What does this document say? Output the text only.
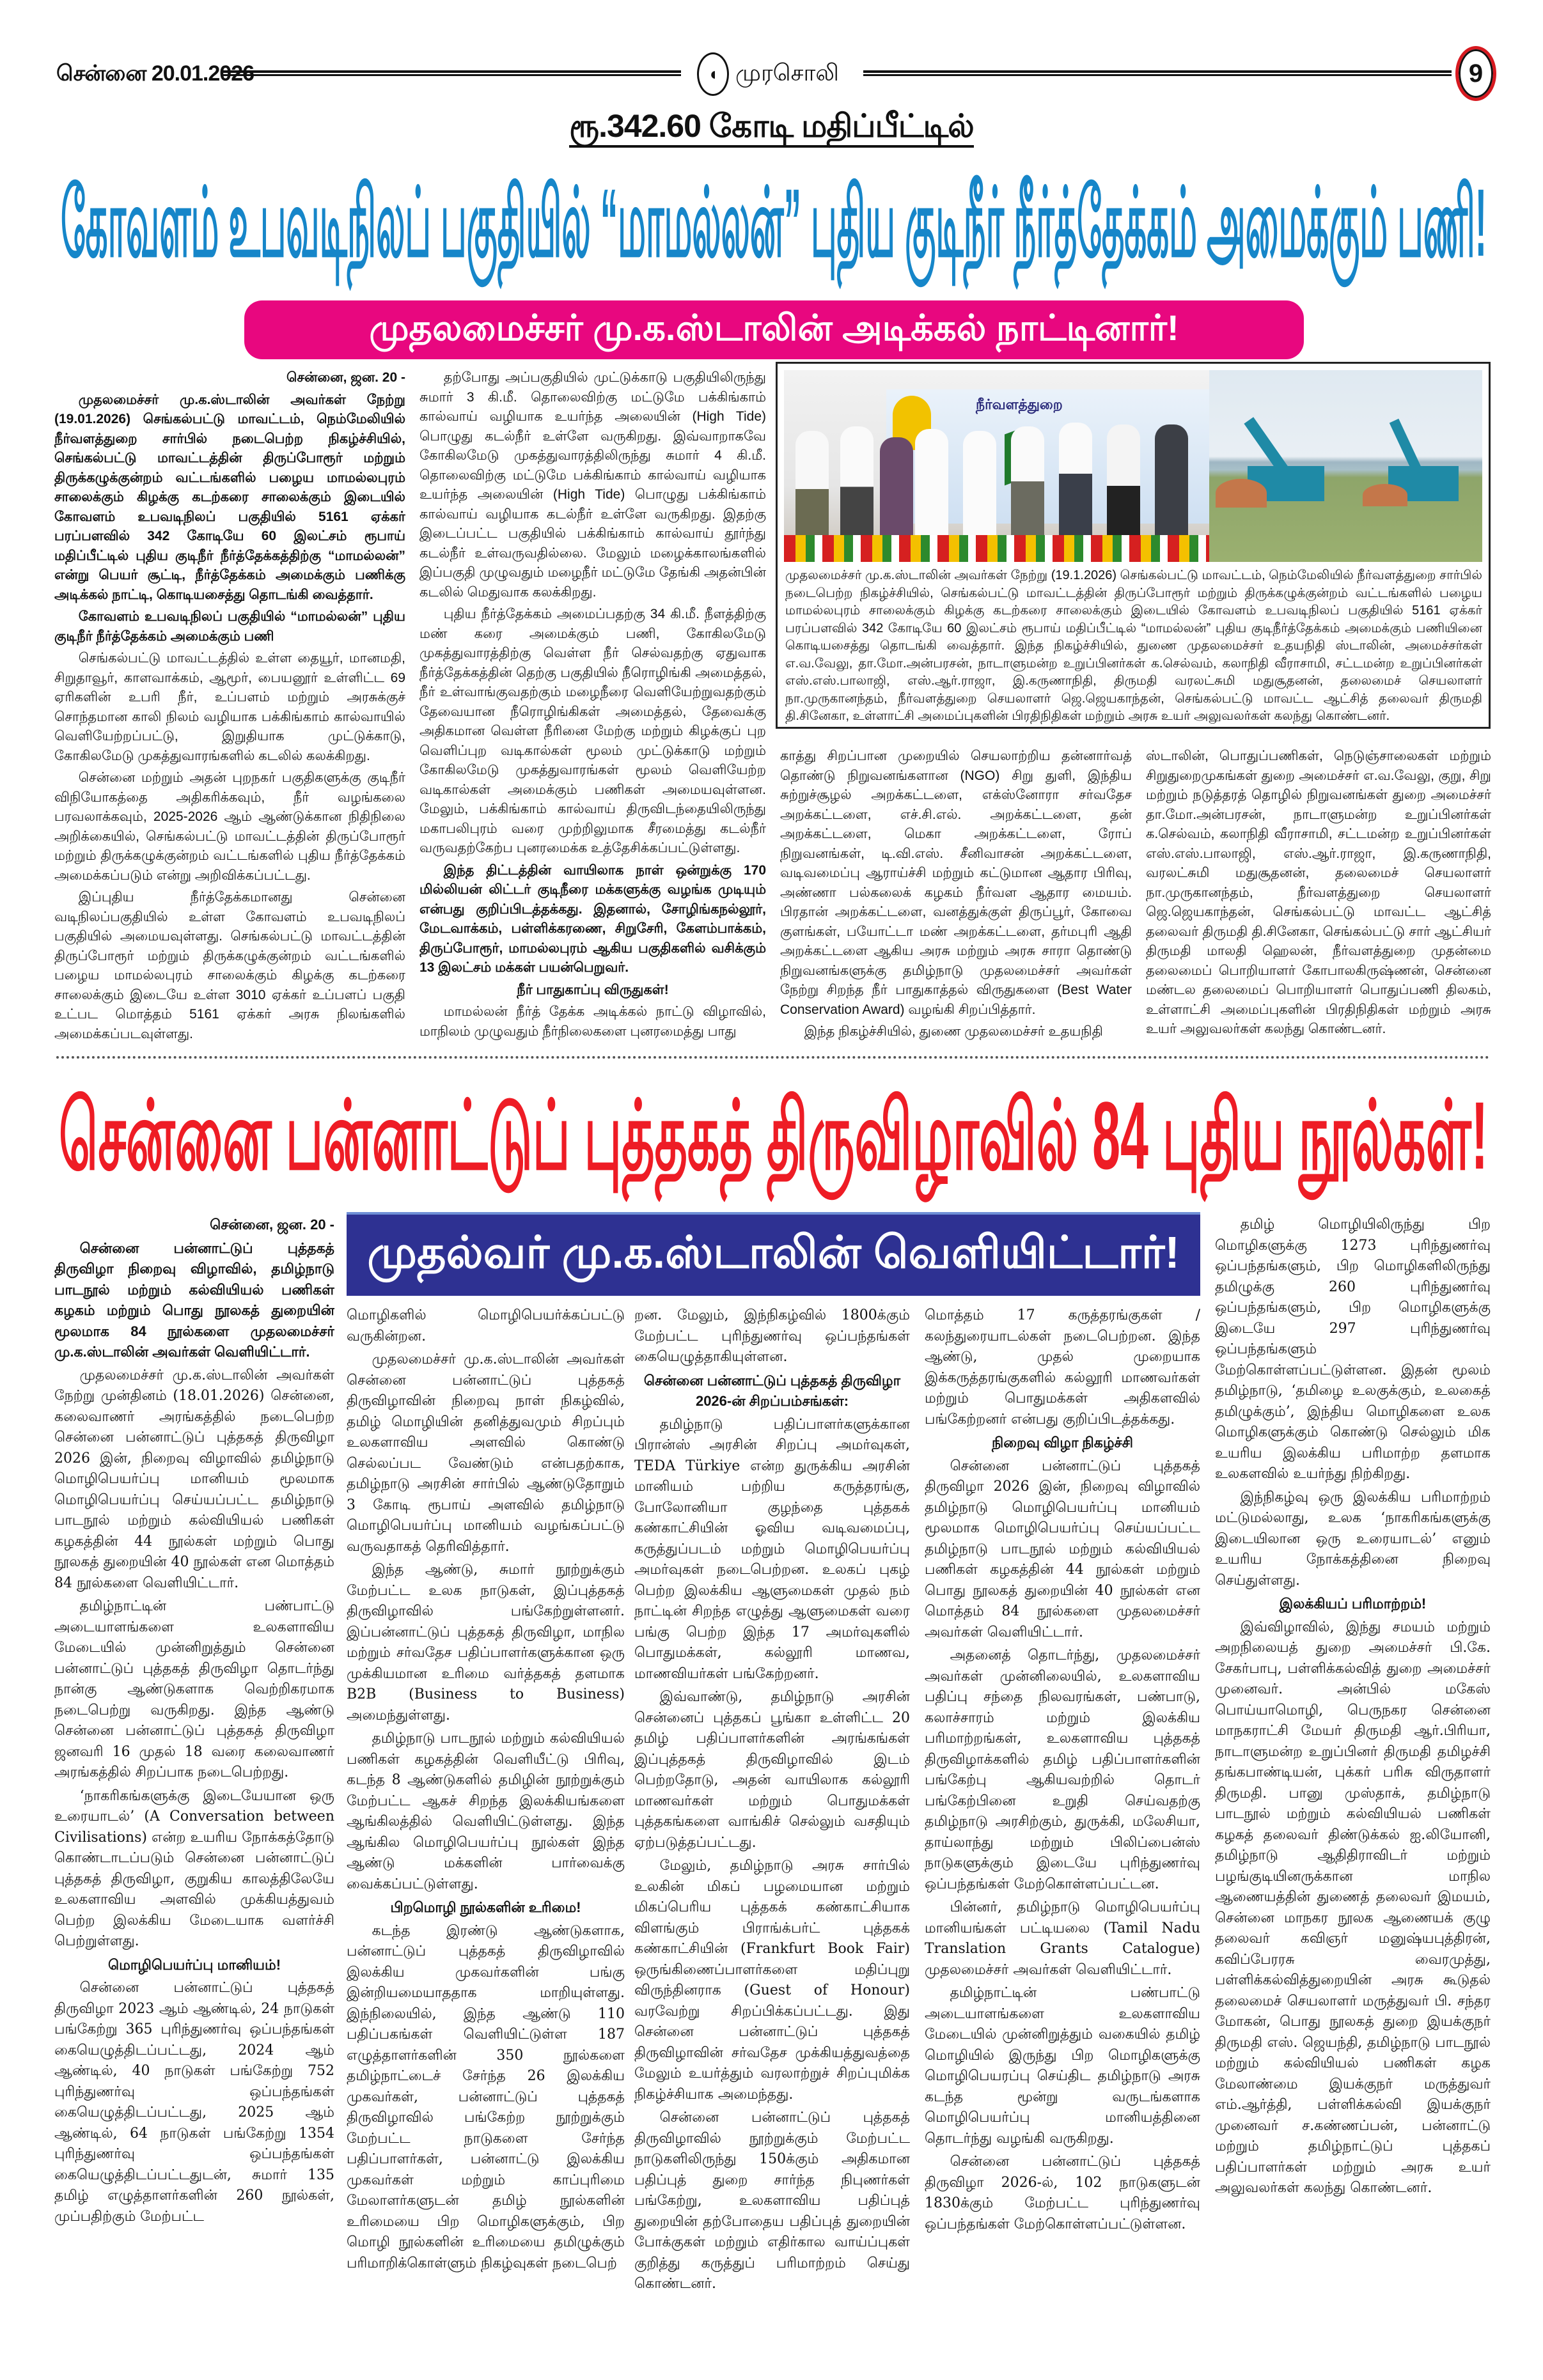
சென்னை 20.01.2026	◖ முரசொலி	9
ரூ.342.60 கோடி மதிப்பீட்டில்
கோவளம் உபவடிநிலப் பகுதியில் “மாமல்லன்” புதிய குடிநீர் நீர்த்தேக்கம் அமைக்கும் பணி!
முதலமைச்சர் மு.க.ஸ்டாலின் அடிக்கல் நாட்டினார்!

சென்னை, ஜன. 20 -

முதலமைச்சர் மு.க.ஸ்டாலின் அவர்கள் நேற்று (19.01.2026) செங்கல்பட்டு மாவட்டம், நெம்மேலியில் நீர்வளத்துறை சார்பில் நடைபெற்ற நிகழ்ச்சியில், செங்கல்பட்டு மாவட்டத்தின் திருப்போரூர் மற்றும் திருக்கழுக்குன்றம் வட்டங்களில் பழைய மாமல்லபுரம் சாலைக்கும் கிழக்கு கடற்கரை சாலைக்கும் இடையில் கோவளம் உபவடிநிலப் பகுதியில் 5161 ஏக்கர் பரப்பளவில் 342 கோடியே 60 இலட்சம் ரூபாய் மதிப்பீட்டில் புதிய குடிநீர் நீர்த்தேக்கத்திற்கு “மாமல்லன்” என்று பெயர் சூட்டி, நீர்த்தேக்கம் அமைக்கும் பணிக்கு அடிக்கல் நாட்டி, கொடியசைத்து தொடங்கி வைத்தார்.

கோவளம் உபவடிநிலப் பகுதியில் “மாமல்லன்” புதிய குடிநீர் நீர்த்தேக்கம் அமைக்கும் பணி

செங்கல்பட்டு மாவட்டத்தில் உள்ள தையூர், மானமதி, சிறுதாவூர், காளவாக்கம், ஆமூர், பையனூர் உள்ளிட்ட 69 ஏரிகளின் உபரி நீர், உப்பளம் மற்றும் அரசுக்குச் சொந்தமான காலி நிலம் வழியாக பக்கிங்காம் கால்வாயில் வெளியேற்றப்பட்டு, இறுதியாக முட்டுக்காடு, கோகிலமேடு முகத்துவாரங்களில் கடலில் கலக்கிறது.

சென்னை மற்றும் அதன் புறநகர் பகுதிகளுக்கு குடிநீர் விநியோகத்தை அதிகரிக்கவும், நீர் வழங்கலை பரவலாக்கவும், 2025-2026 ஆம் ஆண்டுக்கான நிதிநிலை அறிக்கையில், செங்கல்பட்டு மாவட்டத்தின் திருப்போரூர் மற்றும் திருக்கழுக்குன்றம் வட்டங்களில் புதிய நீர்த்தேக்கம் அமைக்கப்படும் என்று அறிவிக்கப்பட்டது.

இப்புதிய நீர்த்தேக்கமானது சென்னை வடிநிலப்பகுதியில் உள்ள கோவளம் உபவடிநிலப் பகுதியில் அமையவுள்ளது. செங்கல்பட்டு மாவட்டத்தின் திருப்போரூர் மற்றும் திருக்கழுக்குன்றம் வட்டங்களில் பழைய மாமல்லபுரம் சாலைக்கும் கிழக்கு கடற்கரை சாலைக்கும் இடையே உள்ள 3010 ஏக்கர் உப்பளப் பகுதி உட்பட மொத்தம் 5161 ஏக்கர் அரசு நிலங்களில் அமைக்கப்படவுள்ளது.

தற்போது அப்பகுதியில் முட்டுக்காடு பகுதியிலிருந்து சுமார் 3 கி.மீ. தொலைவிற்கு மட்டுமே பக்கிங்காம் கால்வாய் வழியாக உயர்ந்த அலையின் (High Tide) பொழுது கடல்நீர் உள்ளே வருகிறது. இவ்வாறாகவே கோகிலமேடு முகத்துவாரத்திலிருந்து சுமார் 4 கி.மீ. தொலைவிற்கு மட்டுமே பக்கிங்காம் கால்வாய் வழியாக உயர்ந்த அலையின் (High Tide) பொழுது பக்கிங்காம் கால்வாய் வழியாக கடல்நீர் உள்ளே வருகிறது. இதற்கு இடைப்பட்ட பகுதியில் பக்கிங்காம் கால்வாய் தூர்ந்து கடல்நீர் உள்வருவதில்லை. மேலும் மழைக்காலங்களில் இப்பகுதி முழுவதும் மழைநீர் மட்டுமே தேங்கி அதன்பின் கடலில் மெதுவாக கலக்கிறது.

புதிய நீர்த்தேக்கம் அமைப்பதற்கு 34 கி.மீ. நீளத்திற்கு மண் கரை அமைக்கும் பணி, கோகிலமேடு முகத்துவாரத்திற்கு வெள்ள நீர் செல்வதற்கு ஏதுவாக நீர்த்தேக்கத்தின் தெற்கு பகுதியில் நீரொழிங்கி அமைத்தல், நீர் உள்வாங்குவதற்கும் மழைநீரை வெளியேற்றுவதற்கும் தேவையான நீரொழிங்கிகள் அமைத்தல், தேவைக்கு அதிகமான வெள்ள நீரினை மேற்கு மற்றும் கிழக்குப் புற வெளிப்புற வடிகால்கள் மூலம் முட்டுக்காடு மற்றும் கோகிலமேடு முகத்துவாரங்கள் மூலம் வெளியேற்ற வடிகால்கள் அமைக்கும் பணிகள் அமையவுள்ளன. மேலும், பக்கிங்காம் கால்வாய் திருவிடந்தையிலிருந்து மகாபலிபுரம் வரை முற்றிலுமாக சீரமைத்து கடல்நீர் வருவதற்கேற்ப புனரமைக்க உத்தேசிக்கப்பட்டுள்ளது.

இந்த திட்டத்தின் வாயிலாக நாள் ஒன்றுக்கு 170 மில்லியன் லிட்டர் குடிநீரை மக்களுக்கு வழங்க முடியும் என்பது குறிப்பிடத்தக்கது. இதனால், சோழிங்கநல்லூர், மேடவாக்கம், பள்ளிக்கரணை, சிறுசேரி, கேளம்பாக்கம், திருப்போரூர், மாமல்லபுரம் ஆகிய பகுதிகளில் வசிக்கும் 13 இலட்சம் மக்கள் பயன்பெறுவர்.

நீர் பாதுகாப்பு விருதுகள்!

மாமல்லன் நீர்த் தேக்க அடிக்கல் நாட்டு விழாவில், மாநிலம் முழுவதும் நீர்நிலைகளை புனரமைத்து பாது

காத்து சிறப்பான முறையில் செயலாற்றிய தன்னார்வத் தொண்டு நிறுவனங்களான (NGO) சிறு துளி, இந்திய சுற்றுச்சூழல் அறக்கட்டளை, எக்ஸ்னோரா சர்வதேச அறக்கட்டளை, எச்.சி.எல். அறக்கட்டளை, தன் அறக்கட்டளை, மெகா அறக்கட்டளை, ரோப் நிறுவனங்கள், டி.வி.எஸ். சீனிவாசன் அறக்கட்டளை, வடிவமைப்பு ஆராய்ச்சி மற்றும் கட்டுமான ஆதார பிரிவு, அண்ணா பல்கலைக் கழகம் நீர்வள ஆதார மையம். பிரதான் அறக்கட்டளை, வனத்துக்குள் திருப்பூர், கோவை குளங்கள், பயோட்டா மண் அறக்கட்டளை, தர்மபுரி ஆதி அறக்கட்டளை ஆகிய அரசு மற்றும் அரசு சாரா தொண்டு நிறுவனங்களுக்கு தமிழ்நாடு முதலமைச்சர் அவர்கள் நேற்று சிறந்த நீர் பாதுகாத்தல் விருதுகளை (Best Water Conservation Award) வழங்கி சிறப்பித்தார்.

இந்த நிகழ்ச்சியில், துணை முதலமைச்சர் உதயநிதி

ஸ்டாலின், பொதுப்பணிகள், நெடுஞ்சாலைகள் மற்றும் சிறுதுறைமுகங்கள் துறை அமைச்சர் எ.வ.வேலு, குறு, சிறு மற்றும் நடுத்தரத் தொழில் நிறுவனங்கள் துறை அமைச்சர் தா.மோ.அன்பரசன், நாடாளுமன்ற உறுப்பினர்கள் க.செல்வம், கலாநிதி வீராசாமி, சட்டமன்ற உறுப்பினர்கள் எஸ்.எஸ்.பாலாஜி, எஸ்.ஆர்.ராஜா, இ.கருணாநிதி, வரலட்சுமி மதுசூதனன், தலைமைச் செயலாளர் நா.முருகானந்தம், நீர்வளத்துறை செயலாளர் ஜெ.ஜெயகாந்தன், செங்கல்பட்டு மாவட்ட ஆட்சித் தலைவர் திருமதி தி.சினேகா, செங்கல்பட்டு சார் ஆட்சியர் திருமதி மாலதி ஹெலன், நீர்வளத்துறை முதன்மை தலைமைப் பொறியாளர் கோபாலகிருஷ்ணன், சென்னை மண்டல தலைமைப் பொறியாளர் பொதுப்பணி திலகம், உள்ளாட்சி அமைப்புகளின் பிரதிநிதிகள் மற்றும் அரசு உயர் அலுவலர்கள் கலந்து கொண்டனர்.

நீர்வளத்துறை
முதலமைச்சர் மு.க.ஸ்டாலின் அவர்கள் நேற்று (19.1.2026) செங்கல்பட்டு மாவட்டம், நெம்மேலியில் நீர்வளத்துறை சார்பில் நடைபெற்ற நிகழ்ச்சியில், செங்கல்பட்டு மாவட்டத்தின் திருப்போரூர் மற்றும் திருக்கழுக்குன்றம் வட்டங்களில் பழைய மாமல்லபுரம் சாலைக்கும் கிழக்கு கடற்கரை சாலைக்கும் இடையில் கோவளம் உபவடிநிலப் பகுதியில் 5161 ஏக்கர் பரப்பளவில் 342 கோடியே 60 இலட்சம் ரூபாய் மதிப்பீட்டில் “மாமல்லன்” புதிய குடிநீர்த்தேக்கம் அமைக்கும் பணியினை கொடியசைத்து தொடங்கி வைத்தார். இந்த நிகழ்ச்சியில், துணை முதலமைச்சர் உதயநிதி ஸ்டாலின், அமைச்சர்கள் எ.வ.வேலு, தா.மோ.அன்பரசன், நாடாளுமன்ற உறுப்பினர்கள் க.செல்வம், கலாநிதி வீராசாமி, சட்டமன்ற உறுப்பினர்கள் எஸ்.எஸ்.பாலாஜி, எஸ்.ஆர்.ராஜா, இ.கருணாநிதி, திருமதி வரலட்சுமி மதுசூதனன், தலைமைச் செயலாளர் நா.முருகானந்தம், நீர்வளத்துறை செயலாளர் ஜெ.ஜெயகாந்தன், செங்கல்பட்டு மாவட்ட ஆட்சித் தலைவர் திருமதி தி.சினேகா, உள்ளாட்சி அமைப்புகளின் பிரதிநிதிகள் மற்றும் அரசு உயர் அலுவலர்கள் கலந்து கொண்டனர்.
சென்னை பன்னாட்டுப் புத்தகத் திருவிழாவில் 84 புதிய நூல்கள்!
முதல்வர் மு.க.ஸ்டாலின் வெளியிட்டார்!

சென்னை, ஜன. 20 -

சென்னை பன்னாட்டுப் புத்தகத் திருவிழா நிறைவு விழாவில், தமிழ்நாடு பாடநூல் மற்றும் கல்வியியல் பணிகள் கழகம் மற்றும் பொது நூலகத் துறையின் மூலமாக 84 நூல்களை முதலமைச்சர் மு.க.ஸ்டாலின் அவர்கள் வெளியிட்டார்.

முதலமைச்சர் மு.க.ஸ்டாலின் அவர்கள் நேற்று முன்தினம் (18.01.2026) சென்னை, கலைவாணர் அரங்கத்தில் நடைபெற்ற சென்னை பன்னாட்டுப் புத்தகத் திருவிழா 2026 இன், நிறைவு விழாவில் தமிழ்நாடு மொழிபெயர்ப்பு மானியம் மூலமாக மொழிபெயர்ப்பு செய்யப்பட்ட தமிழ்நாடு பாடநூல் மற்றும் கல்வியியல் பணிகள் கழகத்தின் 44 நூல்கள் மற்றும் பொது நூலகத் துறையின் 40 நூல்கள் என மொத்தம் 84 நூல்களை வெளியிட்டார்.

தமிழ்நாட்டின் பண்பாட்டு அடையாளங்களை உலகளாவிய மேடையில் முன்னிறுத்தும் சென்னை பன்னாட்டுப் புத்தகத் திருவிழா தொடர்ந்து நான்கு ஆண்டுகளாக வெற்றிகரமாக நடைபெற்று வருகிறது. இந்த ஆண்டு சென்னை பன்னாட்டுப் புத்தகத் திருவிழா ஜனவரி 16 முதல் 18 வரை கலைவாணர் அரங்கத்தில் சிறப்பாக நடைபெற்றது.

‘நாகரிகங்களுக்கு இடையேயான ஒரு உரையாடல்’ (A Conversation between Civilisations) என்ற உயரிய நோக்கத்தோடு கொண்டாடப்படும் சென்னை பன்னாட்டுப் புத்தகத் திருவிழா, குறுகிய காலத்திலேயே உலகளாவிய அளவில் முக்கியத்துவம் பெற்ற இலக்கிய மேடையாக வளர்ச்சி பெற்றுள்ளது.

மொழிபெயர்ப்பு மானியம்!

சென்னை பன்னாட்டுப் புத்தகத் திருவிழா 2023 ஆம் ஆண்டில், 24 நாடுகள் பங்கேற்று 365 புரிந்துணர்வு ஒப்பந்தங்கள் கையெழுத்திடப்பட்டது, 2024 ஆம் ஆண்டில், 40 நாடுகள் பங்கேற்று 752 புரிந்துணர்வு ஒப்பந்தங்கள் கையெழுத்திடப்பட்டது, 2025 ஆம் ஆண்டில், 64 நாடுகள் பங்கேற்று 1354 புரிந்துணர்வு ஒப்பந்தங்கள் கையெழுத்திடப்பட்டதுடன், சுமார் 135 தமிழ் எழுத்தாளர்களின் 260 நூல்கள், முப்பதிற்கும் மேற்பட்ட

மொழிகளில் மொழிபெயர்க்கப்பட்டு வருகின்றன.

முதலமைச்சர் மு.க.ஸ்டாலின் அவர்கள் சென்னை பன்னாட்டுப் புத்தகத் திருவிழாவின் நிறைவு நாள் நிகழ்வில், தமிழ் மொழியின் தனித்துவமும் சிறப்பும் உலகளாவிய அளவில் கொண்டு செல்லப்பட வேண்டும் என்பதற்காக, தமிழ்நாடு அரசின் சார்பில் ஆண்டுதோறும் 3 கோடி ரூபாய் அளவில் தமிழ்நாடு மொழிபெயர்ப்பு மானியம் வழங்கப்பட்டு வருவதாகத் தெரிவித்தார்.

இந்த ஆண்டு, சுமார் நூற்றுக்கும் மேற்பட்ட உலக நாடுகள், இப்புத்தகத் திருவிழாவில் பங்கேற்றுள்ளனர். இப்பன்னாட்டுப் புத்தகத் திருவிழா, மாநில மற்றும் சர்வதேச பதிப்பாளர்களுக்கான ஒரு முக்கியமான உரிமை வர்த்தகத் தளமாக B2B (Business to Business) அமைந்துள்ளது.

தமிழ்நாடு பாடநூல் மற்றும் கல்வியியல் பணிகள் கழகத்தின் வெளியீட்டு பிரிவு, கடந்த 8 ஆண்டுகளில் தமிழின் நூற்றுக்கும் மேற்பட்ட ஆகச் சிறந்த இலக்கியங்களை ஆங்கிலத்தில் வெளியிட்டுள்ளது. இந்த ஆங்கில மொழிபெயர்ப்பு நூல்கள் இந்த ஆண்டு மக்களின் பார்வைக்கு வைக்கப்பட்டுள்ளது.

பிறமொழி நூல்களின் உரிமை!

கடந்த இரண்டு ஆண்டுகளாக, பன்னாட்டுப் புத்தகத் திருவிழாவில் இலக்கிய முகவர்களின் பங்கு இன்றியமையாததாக மாறியுள்ளது. இந்நிலையில், இந்த ஆண்டு 110 பதிப்பகங்கள் வெளியிட்டுள்ள 187 எழுத்தாளர்களின் 350 நூல்களை தமிழ்நாட்டைச் சேர்ந்த 26 இலக்கிய முகவர்கள், பன்னாட்டுப் புத்தகத் திருவிழாவில் பங்கேற்ற நூற்றுக்கும் மேற்பட்ட நாடுகளை சேர்ந்த பதிப்பாளர்கள், பன்னாட்டு இலக்கிய முகவர்கள் மற்றும் காப்புரிமை மேலாளர்களுடன் தமிழ் நூல்களின் உரிமையை பிற மொழிகளுக்கும், பிற மொழி நூல்களின் உரிமையை தமிழுக்கும் பரிமாறிக்கொள்ளும் நிகழ்வுகள் நடைபெற்

றன. மேலும், இந்நிகழ்வில் 1800க்கும் மேற்பட்ட புரிந்துணர்வு ஒப்பந்தங்கள் கையெழுத்தாகியுள்ளன.

சென்னை பன்னாட்டுப் புத்தகத் திருவிழா 2026-ன் சிறப்பம்சங்கள்:

தமிழ்நாடு பதிப்பாளர்களுக்கான பிரான்ஸ் அரசின் சிறப்பு அமர்வுகள், TEDA Türkiye என்ற துருக்கிய அரசின் மானியம் பற்றிய கருத்தரங்கு, போலோனியா குழந்தை புத்தகக் கண்காட்சியின் ஓவிய வடிவமைப்பு, கருத்துப்படம் மற்றும் மொழிபெயர்ப்பு அமர்வுகள் நடைபெற்றன. உலகப் புகழ் பெற்ற இலக்கிய ஆளுமைகள் முதல் நம் நாட்டின் சிறந்த எழுத்து ஆளுமைகள் வரை பங்கு பெற்ற இந்த 17 அமர்வுகளில் பொதுமக்கள், கல்லூரி மாணவ, மாணவியர்கள் பங்கேற்றனர்.

இவ்வாண்டு, தமிழ்நாடு அரசின் சென்னைப் புத்தகப் பூங்கா உள்ளிட்ட 20 தமிழ் பதிப்பாளர்களின் அரங்கங்கள் இப்புத்தகத் திருவிழாவில் இடம் பெற்றதோடு, அதன் வாயிலாக கல்லூரி மாணவர்கள் மற்றும் பொதுமக்கள் புத்தகங்களை வாங்கிச் செல்லும் வசதியும் ஏற்படுத்தப்பட்டது.

மேலும், தமிழ்நாடு அரசு சார்பில் உலகின் மிகப் பழமையான மற்றும் மிகப்பெரிய புத்தகக் கண்காட்சியாக விளங்கும் பிராங்க்பர்ட் புத்தகக் கண்காட்சியின் (Frankfurt Book Fair) ஒருங்கிணைப்பாளர்களை மதிப்புறு விருந்தினராக (Guest of Honour) வரவேற்று சிறப்பிக்கப்பட்டது. இது சென்னை பன்னாட்டுப் புத்தகத் திருவிழாவின் சர்வதேச முக்கியத்துவத்தை மேலும் உயர்த்தும் வரலாற்றுச் சிறப்புமிக்க நிகழ்ச்சியாக அமைந்தது.

சென்னை பன்னாட்டுப் புத்தகத் திருவிழாவில் நூற்றுக்கும் மேற்பட்ட நாடுகளிலிருந்து 150க்கும் அதிகமான பதிப்புத் துறை சார்ந்த நிபுணர்கள் பங்கேற்று, உலகளாவிய பதிப்புத் துறையின் தற்போதைய பதிப்புத் துறையின் போக்குகள் மற்றும் எதிர்கால வாய்ப்புகள் குறித்து கருத்துப் பரிமாற்றம் செய்து கொண்டனர்.

மொத்தம் 17 கருத்தரங்குகள் / கலந்துரையாடல்கள் நடைபெற்றன. இந்த ஆண்டு, முதல் முறையாக இக்கருத்தரங்குகளில் கல்லூரி மாணவர்கள் மற்றும் பொதுமக்கள் அதிகளவில் பங்கேற்றனர் என்பது குறிப்பிடத்தக்கது.

நிறைவு விழா நிகழ்ச்சி

சென்னை பன்னாட்டுப் புத்தகத் திருவிழா 2026 இன், நிறைவு விழாவில் தமிழ்நாடு மொழிபெயர்ப்பு மானியம் மூலமாக மொழிபெயர்ப்பு செய்யப்பட்ட தமிழ்நாடு பாடநூல் மற்றும் கல்வியியல் பணிகள் கழகத்தின் 44 நூல்கள் மற்றும் பொது நூலகத் துறையின் 40 நூல்கள் என மொத்தம் 84 நூல்களை முதலமைச்சர் அவர்கள் வெளியிட்டார்.

அதனைத் தொடர்ந்து, முதலமைச்சர் அவர்கள் முன்னிலையில், உலகளாவிய பதிப்பு சந்தை நிலவரங்கள், பண்பாடு, கலாச்சாரம் மற்றும் இலக்கிய பரிமாற்றங்கள், உலகளாவிய புத்தகத் திருவிழாக்களில் தமிழ் பதிப்பாளர்களின் பங்கேற்பு ஆகியவற்றில் தொடர் பங்கேற்பினை உறுதி செய்வதற்கு தமிழ்நாடு அரசிற்கும், துருக்கி, மலேசியா, தாய்லாந்து மற்றும் பிலிப்பைன்ஸ் நாடுகளுக்கும் இடையே புரிந்துணர்வு ஒப்பந்தங்கள் மேற்கொள்ளப்பட்டன.

பின்னர், தமிழ்நாடு மொழிபெயர்ப்பு மானியங்கள் பட்டியலை (Tamil Nadu Translation Grants Catalogue) முதலமைச்சர் அவர்கள் வெளியிட்டார்.

தமிழ்நாட்டின் பண்பாட்டு அடையாளங்களை உலகளாவிய மேடையில் முன்னிறுத்தும் வகையில் தமிழ் மொழியில் இருந்து பிற மொழிகளுக்கு மொழிபெயரப்பு செய்திட தமிழ்நாடு அரசு கடந்த மூன்று வருடங்களாக மொழிபெயர்ப்பு மானியத்தினை தொடர்ந்து வழங்கி வருகிறது.

சென்னை பன்னாட்டுப் புத்தகத் திருவிழா 2026-ல், 102 நாடுகளுடன் 1830க்கும் மேற்பட்ட புரிந்துணர்வு ஒப்பந்தங்கள் மேற்கொள்ளப்பட்டுள்ளன.

தமிழ் மொழியிலிருந்து பிற மொழிகளுக்கு 1273 புரிந்துணர்வு ஒப்பந்தங்களும், பிற மொழிகளிலிருந்து தமிழுக்கு 260 புரிந்துணர்வு ஒப்பந்தங்களும், பிற மொழிகளுக்கு இடையே 297 புரிந்துணர்வு ஒப்பந்தங்களும் மேற்கொள்ளப்பட்டுள்ளன. இதன் மூலம் தமிழ்நாடு, ‘தமிழை உலகுக்கும், உலகைத் தமிழுக்கும்’, இந்திய மொழிகளை உலக மொழிகளுக்கும் கொண்டு செல்லும் மிக உயரிய இலக்கிய பரிமாற்ற தளமாக உலகளவில் உயர்ந்து நிற்கிறது.

இந்நிகழ்வு ஒரு இலக்கிய பரிமாற்றம் மட்டுமல்லாது, உலக ‘நாகரிகங்களுக்கு இடையிலான ஒரு உரையாடல்’ எனும் உயரிய நோக்கத்தினை நிறைவு செய்துள்ளது.

இலக்கியப் பரிமாற்றம்!

இவ்விழாவில், இந்து சமயம் மற்றும் அறநிலையத் துறை அமைச்சர் பி.கே. சேகர்பாபு, பள்ளிக்கல்வித் துறை அமைச்சர் முனைவர். அன்பில் மகேஸ் பொய்யாமொழி, பெருநகர சென்னை மாநகராட்சி மேயர் திருமதி ஆர்.பிரியா, நாடாளுமன்ற உறுப்பினர் திருமதி தமிழச்சி தங்கபாண்டியன், புக்கர் பரிசு விருதாளர் திருமதி. பானு முஸ்தாக், தமிழ்நாடு பாடநூல் மற்றும் கல்வியியல் பணிகள் கழகத் தலைவர் திண்டுக்கல் ஐ.லியோனி, தமிழ்நாடு ஆதிதிராவிடர் மற்றும் பழங்குடியினருக்கான மாநில ஆணையத்தின் துணைத் தலைவர் இமயம், சென்னை மாநகர நூலக ஆணையக் குழு தலைவர் கவிஞர் மனுஷ்யபுத்திரன், கவிப்பேரரசு வைரமுத்து, பள்ளிக்கல்வித்துறையின் அரசு கூடுதல் தலைமைச் செயலாளர் மருத்துவர் பி. சந்தர மோகன், பொது நூலகத் துறை இயக்குநர் திருமதி எஸ். ஜெயந்தி, தமிழ்நாடு பாடநூல் மற்றும் கல்வியியல் பணிகள் கழக மேலாண்மை இயக்குநர் மருத்துவர் எம்.ஆர்த்தி, பள்ளிக்கல்வி இயக்குநர் முனைவர் ச.கண்ணப்பன், பன்னாட்டு மற்றும் தமிழ்நாட்டுப் புத்தகப் பதிப்பாளர்கள் மற்றும் அரசு உயர் அலுவலர்கள் கலந்து கொண்டனர்.
